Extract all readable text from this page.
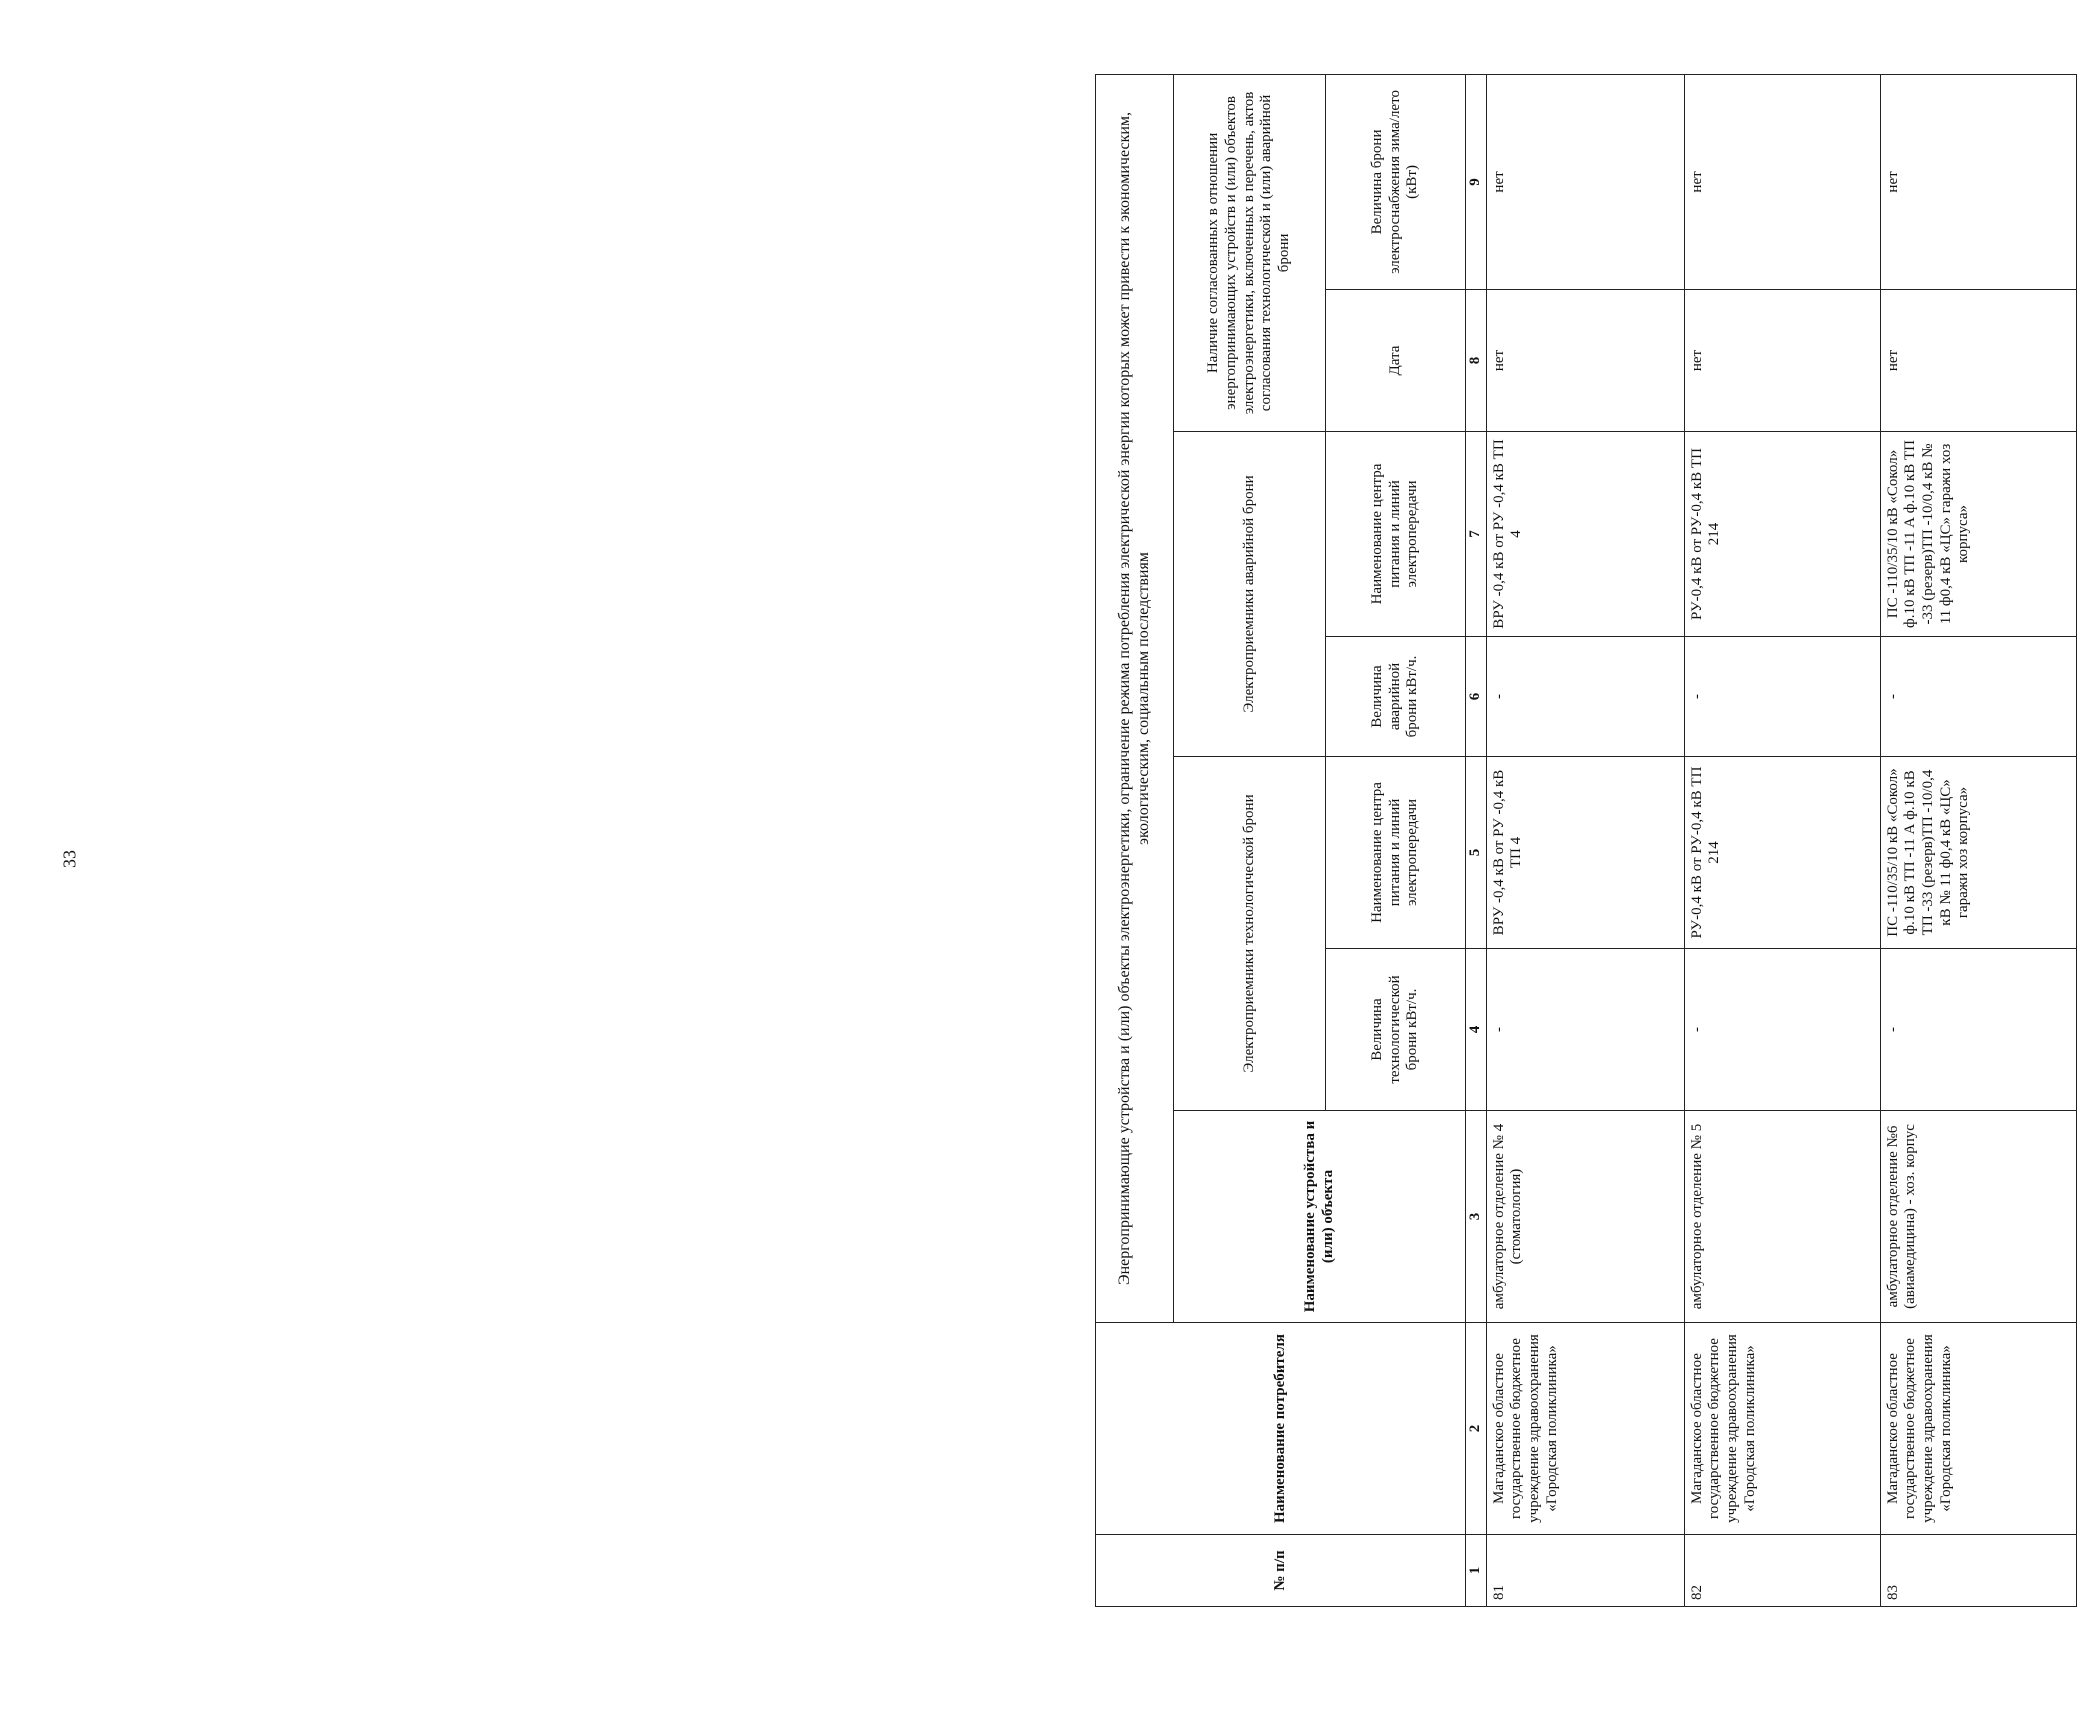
33
№ п/п	Наименование потребителя	Энергопринимающие устройства и (или) объекты электроэнергетики, ограничение режима потребления электрической энергии которых может привести к экономическим, экологическим, социальным последствиям						
		Наименование устройства и (или) объекта	Электроприемники технологической брони		Электроприемники аварийной брони		Наличие согласованных в отношении энергопринимающих устройств и (или) объектов электроэнергетики, включенных в перечень, актов согласования технологической и (или) аварийной брони	
			Величина технологической брони кВт/ч.	Наименование центра питания и линий электропередачи	Величина аварийной брони кВт/ч.	Наименование центра питания и линий электропередачи	Дата	Величина брони электроснабжения зима/лето (кВт)
1	2	3	4	5	6	7	8	9
81	Магаданское областное государственное бюджетное учреждение здравоохранения «Городская поликлиника»	амбулаторное отделение № 4 (стоматология)	-	ВРУ -0,4 кВ от РУ -0,4 кВ ТП 4	-	ВРУ -0,4 кВ от РУ -0,4 кВ ТП 4	нет	нет
82	Магаданское областное государственное бюджетное учреждение здравоохранения «Городская поликлиника»	амбулаторное отделение № 5	-	РУ-0,4 кВ от РУ-0,4 кВ ТП 214	-	РУ-0,4 кВ от РУ-0,4 кВ ТП 214	нет	нет
83	Магаданское областное государственное бюджетное учреждение здравоохранения «Городская поликлиника»	амбулаторное отделение №6 (авиамедицина) - хоз. корпус	-	ПС -110/35/10 кВ «Сокол» ф.10 кВ ТП -11 А ф.10 кВ ТП -33 (резерв)ТП -10/0,4 кВ № 11 ф0,4 кВ «ЦС» гаражи хоз корпуса»	-	ПС -110/35/10 кВ «Сокол» ф.10 кВ ТП -11 А ф.10 кВ ТП -33 (резерв)ТП -10/0,4 кВ № 11 ф0,4 кВ «ЦС» гаражи хоз корпуса»	нет	нет
